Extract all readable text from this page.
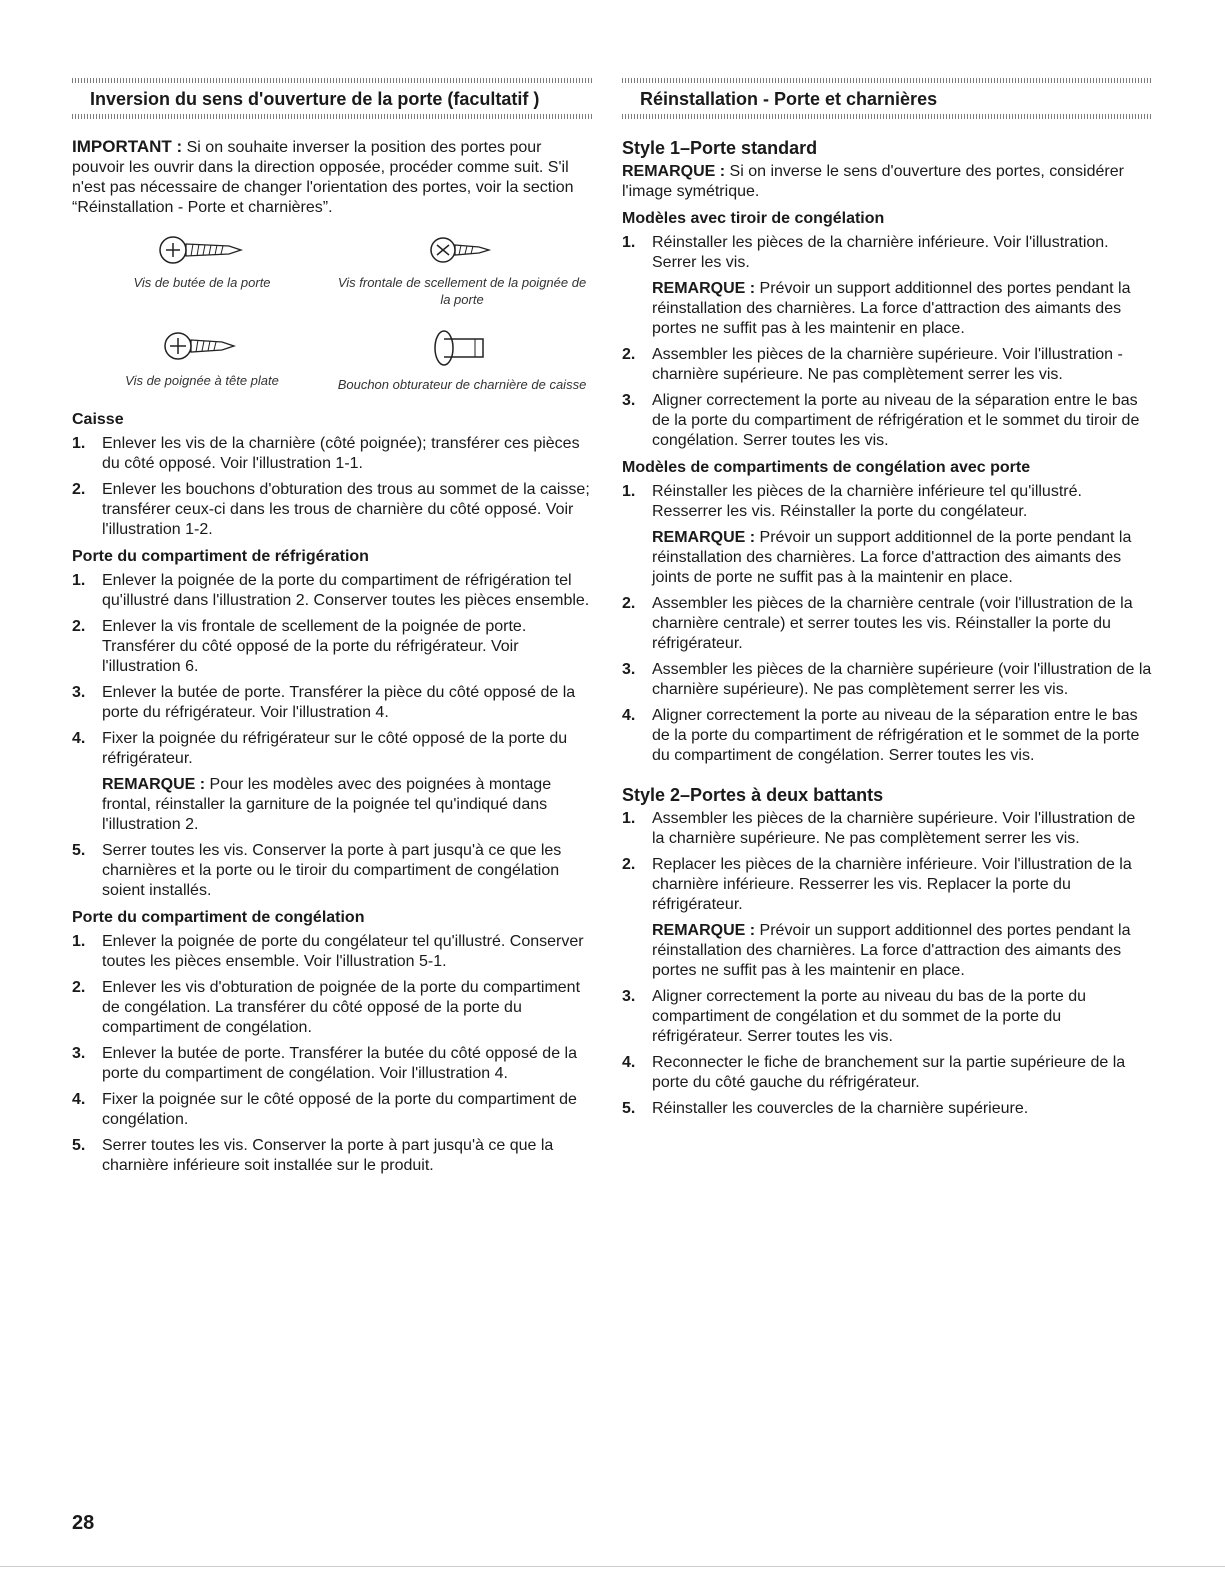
Inversion du sens d'ouverture de la porte (facultatif )

IMPORTANT : Si on souhaite inverser la position des portes pour pouvoir les ouvrir dans la direction opposée, procéder comme suit. S'il n'est pas nécessaire de changer l'orientation des portes, voir la section “Réinstallation - Porte et charnières”.

Vis de butée de la porte	Vis frontale de scellement de la poignée de la porte
Vis de poignée à tête plate	Bouchon obturateur de charnière de caisse
Caisse
1. Enlever les vis de la charnière (côté poignée); transférer ces pièces du côté opposé. Voir l'illustration 1-1.
2. Enlever les bouchons d'obturation des trous au sommet de la caisse; transférer ceux-ci dans les trous de charnière du côté opposé. Voir l'illustration 1-2.
Porte du compartiment de réfrigération
1. Enlever la poignée de la porte du compartiment de réfrigération tel qu'illustré dans l'illustration 2. Conserver toutes les pièces ensemble.
2. Enlever la vis frontale de scellement de la poignée de porte. Transférer du côté opposé de la porte du réfrigérateur. Voir l'illustration 6.
3. Enlever la butée de porte. Transférer la pièce du côté opposé de la porte du réfrigérateur. Voir l'illustration 4.
4. Fixer la poignée du réfrigérateur sur le côté opposé de la porte du réfrigérateur.

REMARQUE : Pour les modèles avec des poignées à montage frontal, réinstaller la garniture de la poignée tel qu'indiqué dans l'illustration 2.

5. Serrer toutes les vis. Conserver la porte à part jusqu'à ce que les charnières et la porte ou le tiroir du compartiment de congélation soient installés.
Porte du compartiment de congélation
1. Enlever la poignée de porte du congélateur tel qu'illustré. Conserver toutes les pièces ensemble. Voir l'illustration 5-1.
2. Enlever les vis d'obturation de poignée de la porte du compartiment de congélation. La transférer du côté opposé de la porte du compartiment de congélation.
3. Enlever la butée de porte. Transférer la butée du côté opposé de la porte du compartiment de congélation. Voir l'illustration 4.
4. Fixer la poignée sur le côté opposé de la porte du compartiment de congélation.
5. Serrer toutes les vis. Conserver la porte à part jusqu'à ce que la charnière inférieure soit installée sur le produit.
Réinstallation - Porte et charnières
Style 1–Porte standard

REMARQUE : Si on inverse le sens d'ouverture des portes, considérer l'image symétrique.

Modèles avec tiroir de congélation
1. Réinstaller les pièces de la charnière inférieure. Voir l'illustration. Serrer les vis.

REMARQUE : Prévoir un support additionnel des portes pendant la réinstallation des charnières. La force d'attraction des aimants des portes ne suffit pas à les maintenir en place.

2. Assembler les pièces de la charnière supérieure. Voir l'illustration - charnière supérieure. Ne pas complètement serrer les vis.
3. Aligner correctement la porte au niveau de la séparation entre le bas de la porte du compartiment de réfrigération et le sommet du tiroir de congélation. Serrer toutes les vis.
Modèles de compartiments de congélation avec porte
1. Réinstaller les pièces de la charnière inférieure tel qu'illustré. Resserrer les vis. Réinstaller la porte du congélateur.

REMARQUE : Prévoir un support additionnel de la porte pendant la réinstallation des charnières. La force d'attraction des aimants des joints de porte ne suffit pas à la maintenir en place.

2. Assembler les pièces de la charnière centrale (voir l'illustration de la charnière centrale) et serrer toutes les vis. Réinstaller la porte du réfrigérateur.
3. Assembler les pièces de la charnière supérieure (voir l'illustration de la charnière supérieure). Ne pas complètement serrer les vis.
4. Aligner correctement la porte au niveau de la séparation entre le bas de la porte du compartiment de réfrigération et le sommet de la porte du compartiment de congélation. Serrer toutes les vis.
Style 2–Portes à deux battants
1. Assembler les pièces de la charnière supérieure. Voir l'illustration de la charnière supérieure. Ne pas complètement serrer les vis.
2. Replacer les pièces de la charnière inférieure. Voir l'illustration de la charnière inférieure. Resserrer les vis. Replacer la porte du réfrigérateur.

REMARQUE : Prévoir un support additionnel des portes pendant la réinstallation des charnières. La force d'attraction des aimants des portes ne suffit pas à les maintenir en place.

3. Aligner correctement la porte au niveau du bas de la porte du compartiment de congélation et du sommet de la porte du réfrigérateur. Serrer toutes les vis.
4. Reconnecter le fiche de branchement sur la partie supérieure de la porte du côté gauche du réfrigérateur.
5. Réinstaller les couvercles de la charnière supérieure.
28
